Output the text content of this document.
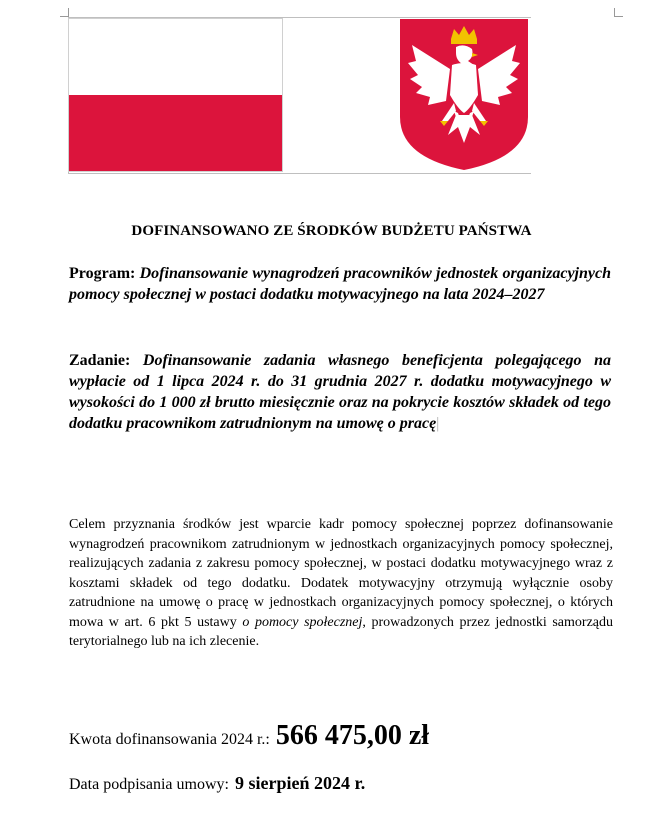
DOFINANSOWANO ZE ŚRODKÓW BUDŻETU PAŃSTWA
Program: Dofinansowanie wynagrodzeń pracowników jednostek organizacyjnych pomocy społecznej w postaci dodatku motywacyjnego na lata 2024–2027
Zadanie: Dofinansowanie zadania własnego beneficjenta polegającego na wypłacie od 1 lipca 2024 r. do 31 grudnia 2027 r. dodatku motywacyjnego w wysokości do 1 000 zł brutto miesięcznie oraz na pokrycie kosztów składek od tego dodatku pracownikom zatrudnionym na umowę o pracę|
Celem przyznania środków jest wparcie kadr pomocy społecznej poprzez dofinansowanie wynagrodzeń pracownikom zatrudnionym w jednostkach organizacyjnych pomocy społecznej, realizujących zadania z zakresu pomocy społecznej, w postaci dodatku motywacyjnego wraz z kosztami składek od tego dodatku. Dodatek motywacyjny otrzymują wyłącznie osoby zatrudnione na umowę o pracę w jednostkach organizacyjnych pomocy społecznej, o których mowa w art. 6 pkt 5 ustawy o pomocy społecznej, prowadzonych przez jednostki samorządu terytorialnego lub na ich zlecenie.
Kwota dofinansowania 2024 r.: 566 475,00 zł
Data podpisania umowy: 9 sierpień 2024 r.
